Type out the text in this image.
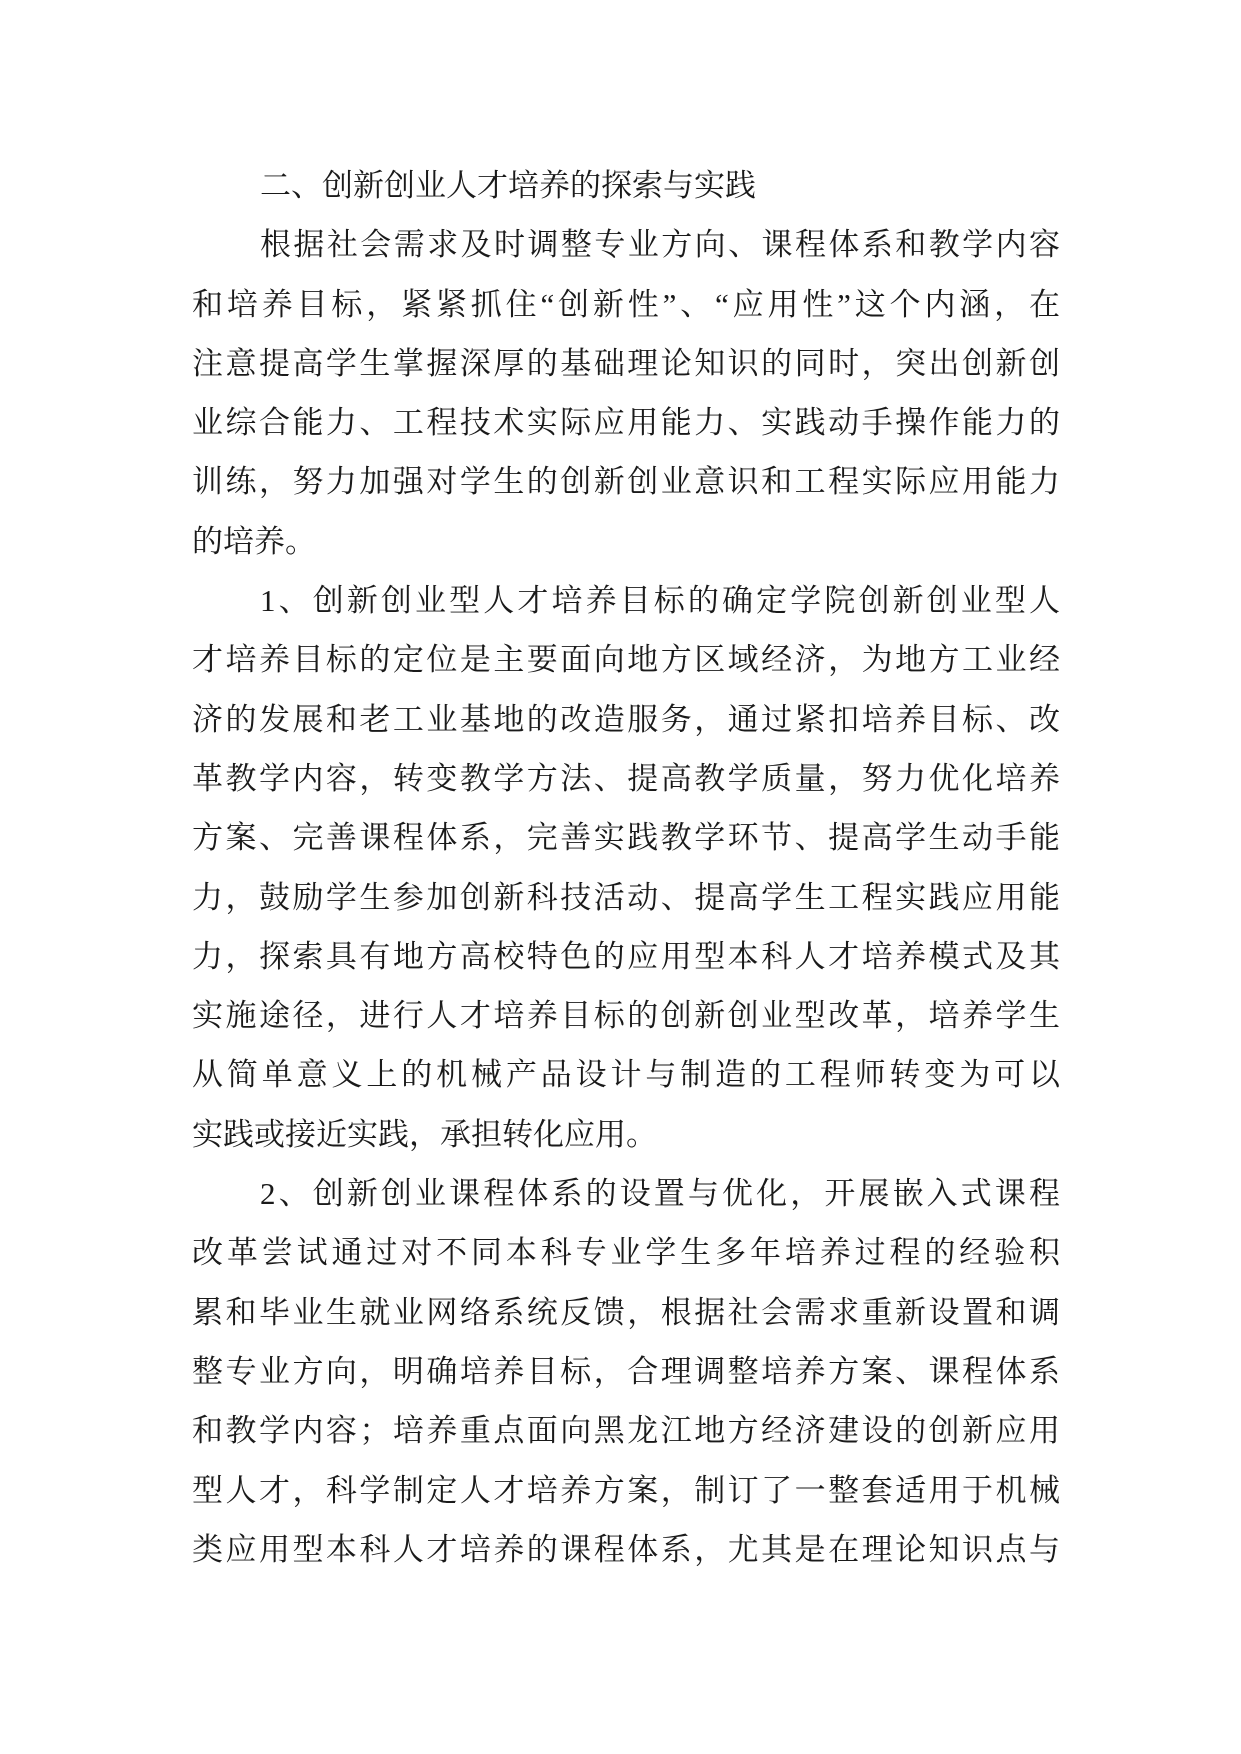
二、创新创业人才培养的探索与实践
根据社会需求及时调整专业方向、课程体系和教学内容
和培养目标，紧紧抓住“创新性”、“应用性”这个内涵，在
注意提高学生掌握深厚的基础理论知识的同时，突出创新创
业综合能力、工程技术实际应用能力、实践动手操作能力的
训练，努力加强对学生的创新创业意识和工程实际应用能力
的培养。
1、创新创业型人才培养目标的确定学院创新创业型人
才培养目标的定位是主要面向地方区域经济，为地方工业经
济的发展和老工业基地的改造服务，通过紧扣培养目标、改
革教学内容，转变教学方法、提高教学质量，努力优化培养
方案、完善课程体系，完善实践教学环节、提高学生动手能
力，鼓励学生参加创新科技活动、提高学生工程实践应用能
力，探索具有地方高校特色的应用型本科人才培养模式及其
实施途径，进行人才培养目标的创新创业型改革，培养学生
从简单意义上的机械产品设计与制造的工程师转变为可以
实践或接近实践，承担转化应用。
2、创新创业课程体系的设置与优化，开展嵌入式课程
改革尝试通过对不同本科专业学生多年培养过程的经验积
累和毕业生就业网络系统反馈，根据社会需求重新设置和调
整专业方向，明确培养目标，合理调整培养方案、课程体系
和教学内容；培养重点面向黑龙江地方经济建设的创新应用
型人才，科学制定人才培养方案，制订了一整套适用于机械
类应用型本科人才培养的课程体系，尤其是在理论知识点与
